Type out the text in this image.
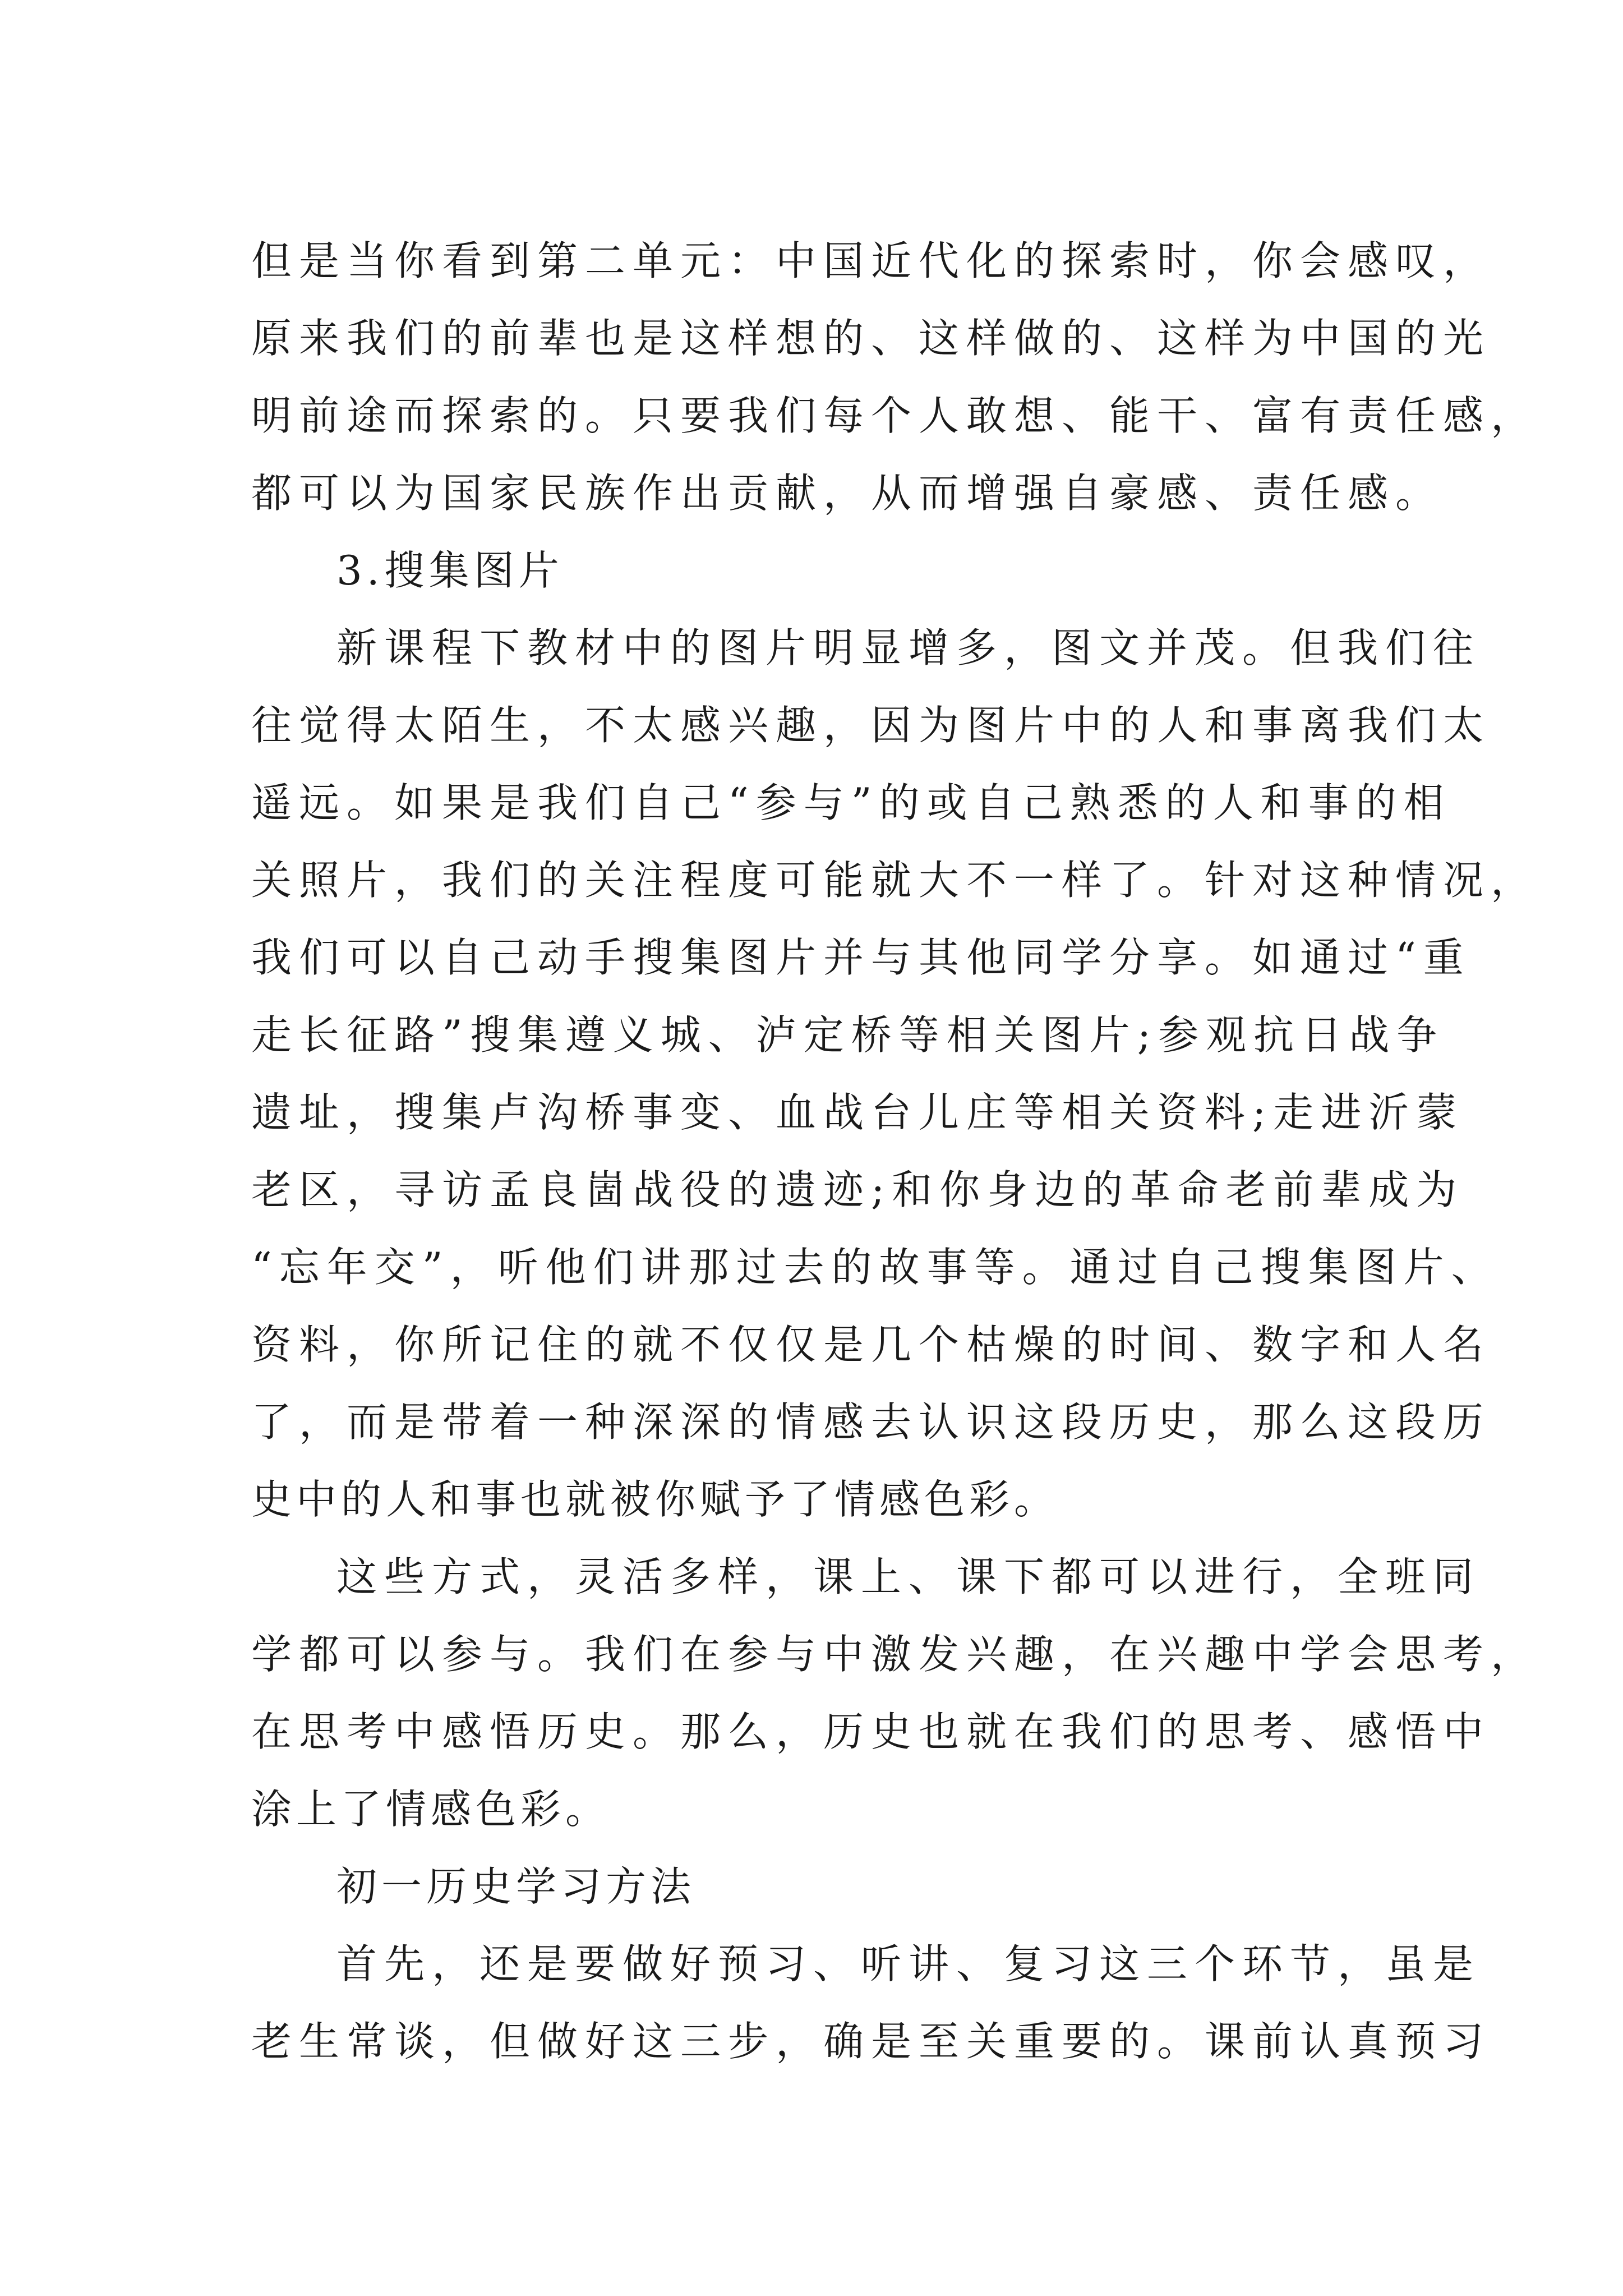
但是当你看到第二单元：中国近代化的探索时，你会感叹，
原来我们的前辈也是这样想的、这样做的、这样为中国的光
明前途而探索的。只要我们每个人敢想、能干、富有责任感，
都可以为国家民族作出贡献，从而增强自豪感、责任感。
3.搜集图片
新课程下教材中的图片明显增多，图文并茂。但我们往
往觉得太陌生，不太感兴趣，因为图片中的人和事离我们太
遥远。如果是我们自己“参与”的或自己熟悉的人和事的相
关照片，我们的关注程度可能就大不一样了。针对这种情况，
我们可以自己动手搜集图片并与其他同学分享。如通过“重
走长征路”搜集遵义城、泸定桥等相关图片;参观抗日战争
遗址，搜集卢沟桥事变、血战台儿庄等相关资料;走进沂蒙
老区，寻访孟良崮战役的遗迹;和你身边的革命老前辈成为
“忘年交”，听他们讲那过去的故事等。通过自己搜集图片、
资料，你所记住的就不仅仅是几个枯燥的时间、数字和人名
了，而是带着一种深深的情感去认识这段历史，那么这段历
史中的人和事也就被你赋予了情感色彩。
这些方式，灵活多样，课上、课下都可以进行，全班同
学都可以参与。我们在参与中激发兴趣，在兴趣中学会思考，
在思考中感悟历史。那么，历史也就在我们的思考、感悟中
涂上了情感色彩。
初一历史学习方法
首先，还是要做好预习、听讲、复习这三个环节，虽是
老生常谈，但做好这三步，确是至关重要的。课前认真预习
